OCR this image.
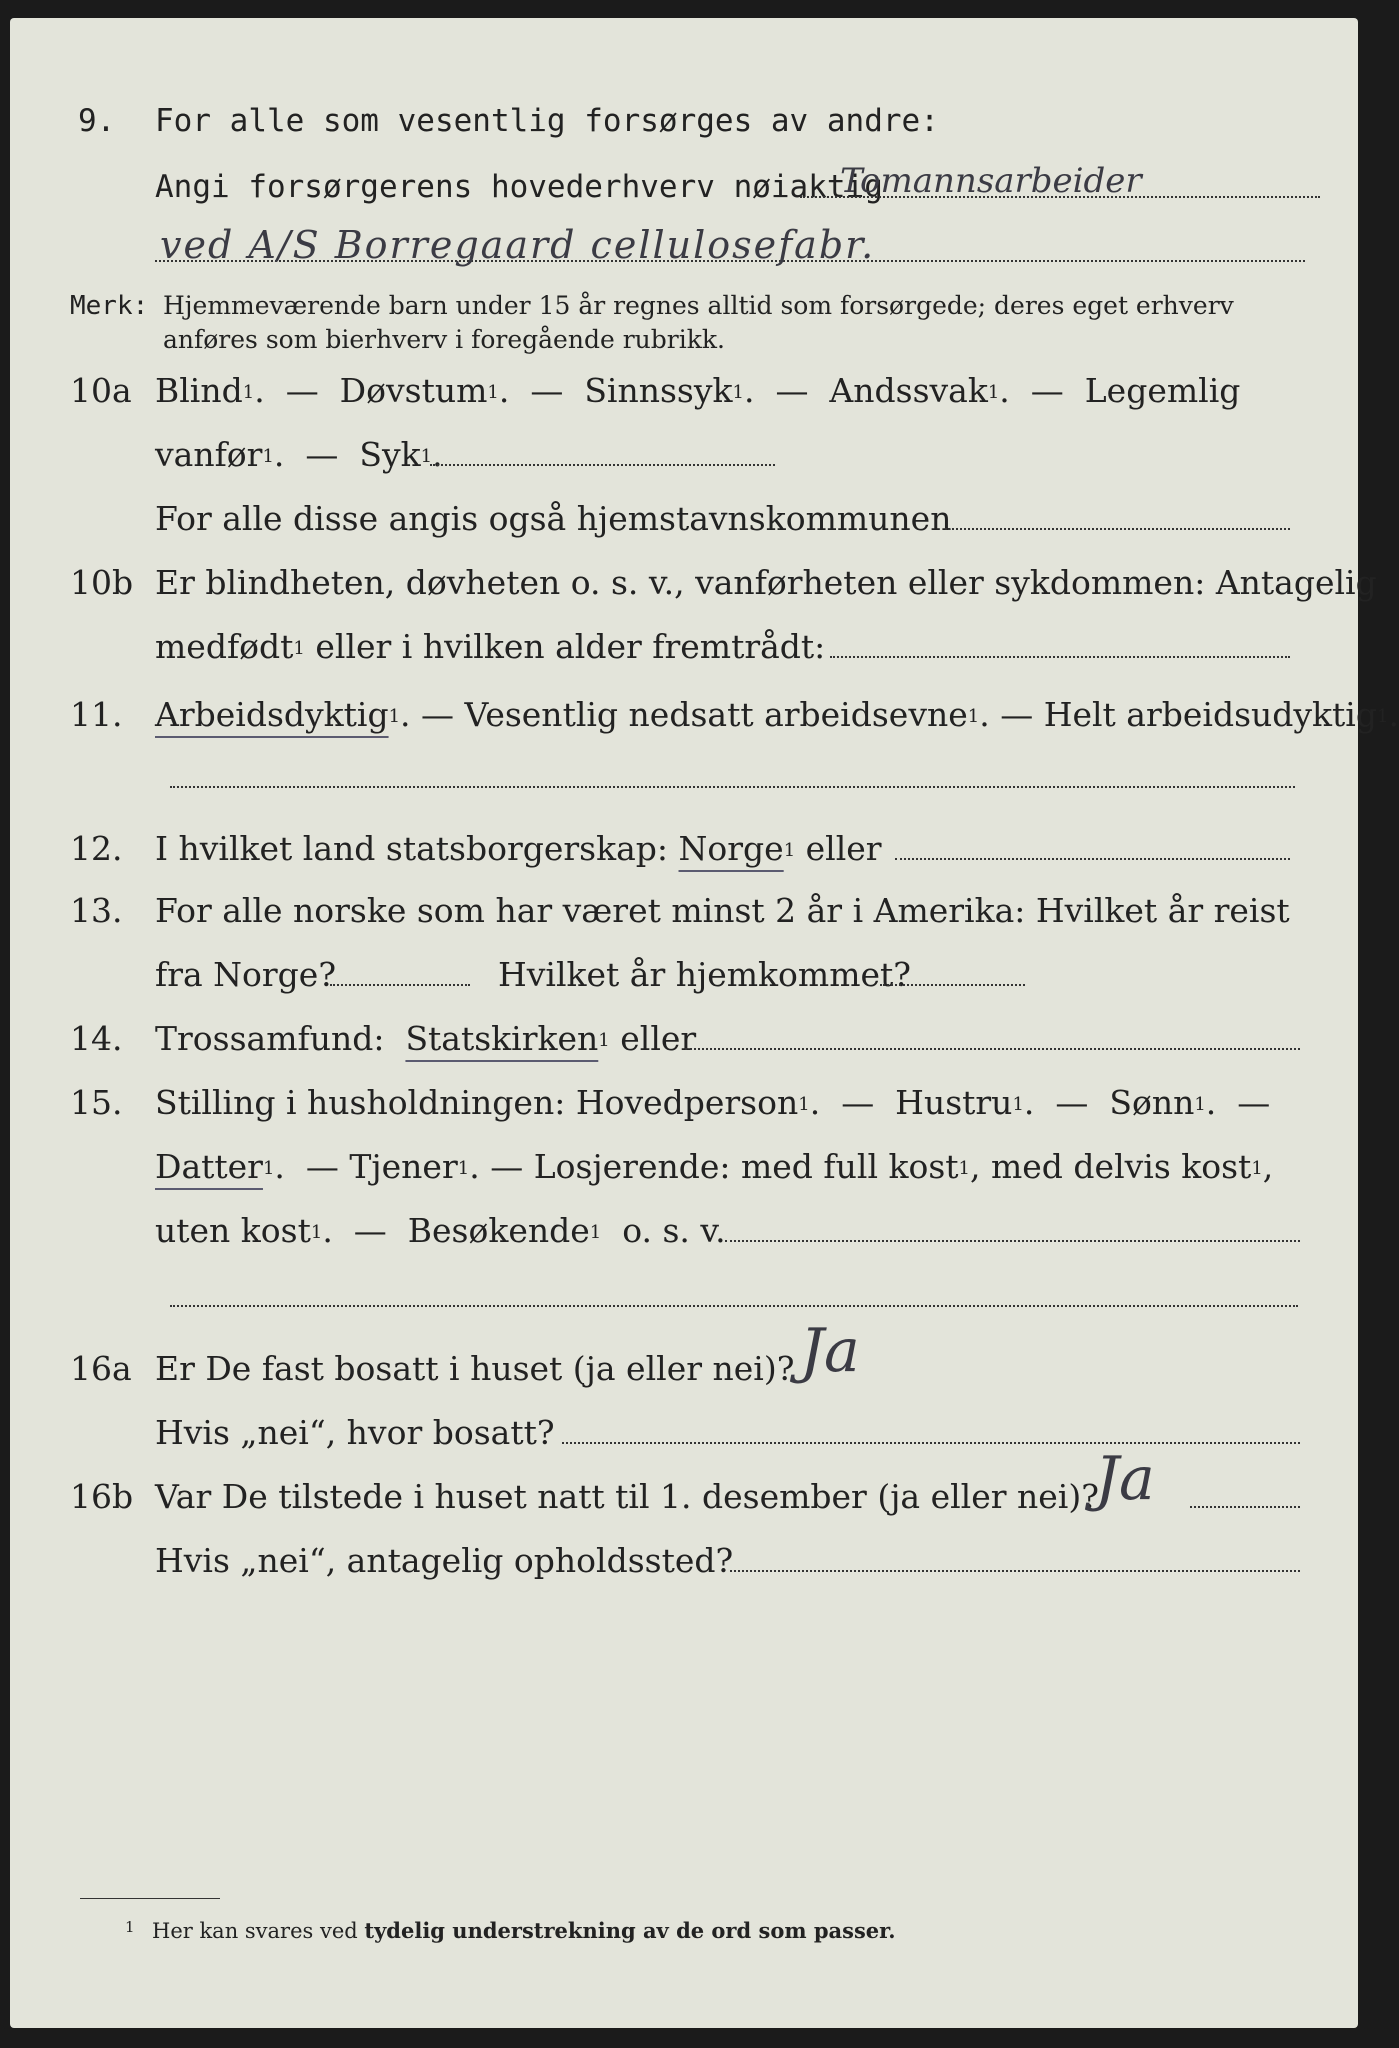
9. For alle som vesentlig forsørges av andre:
Angi forsørgerens hovederhverv nøiaktig
Tomannsarbeider
ved A/S Borregaard cellulosefabr.
Merk: Hjemmeværende barn under 15 år regnes alltid som forsørgede; deres eget erhverv
anføres som bierhverv i foregående rubrikk.
10a Blind$^1$.  — Døvstum$^1$.  — Sinnssyk$^1$.  — Andssvak$^1$.  — Legemlig
vanfør$^1$.  — Syk$^1$.
For alle disse angis også hjemstavnskommunen
10b Er blindheten, døvheten o. s. v., vanførheten eller sykdommen: Antagelig
medfødt$^1$ eller i hvilken alder fremtrådt:
11. Arbeidsdyktig$^1$. — Vesentlig nedsatt arbeidsevne$^1$. — Helt arbeidsudyktig$^1$.
12. I hvilket land statsborgerskap: Norge$^1$ eller
13. For alle norske som har været minst 2 år i Amerika: Hvilket år reist
fra Norge?	Hvilket år hjemkommet?
14. Trossamfund: Statskirken$^1$ eller
15. Stilling i husholdningen: Hovedperson$^1$.  — Hustru$^1$.  — Sønn$^1$.  —
Datter$^1$.  — Tjener$^1$. — Losjerende: med full kost$^1$, med delvis kost$^1$,
uten kost$^1$.  — Besøkende$^1$ o. s. v.
16a Er De fast bosatt i huset (ja eller nei)? Ja
Hvis „nei“, hvor bosatt?
16b Var De tilstede i huset natt til 1. desember (ja eller nei)?
Ja
Hvis „nei“, antagelig opholdssted?
1 Her kan svares ved tydelig understrekning av de ord som passer.
